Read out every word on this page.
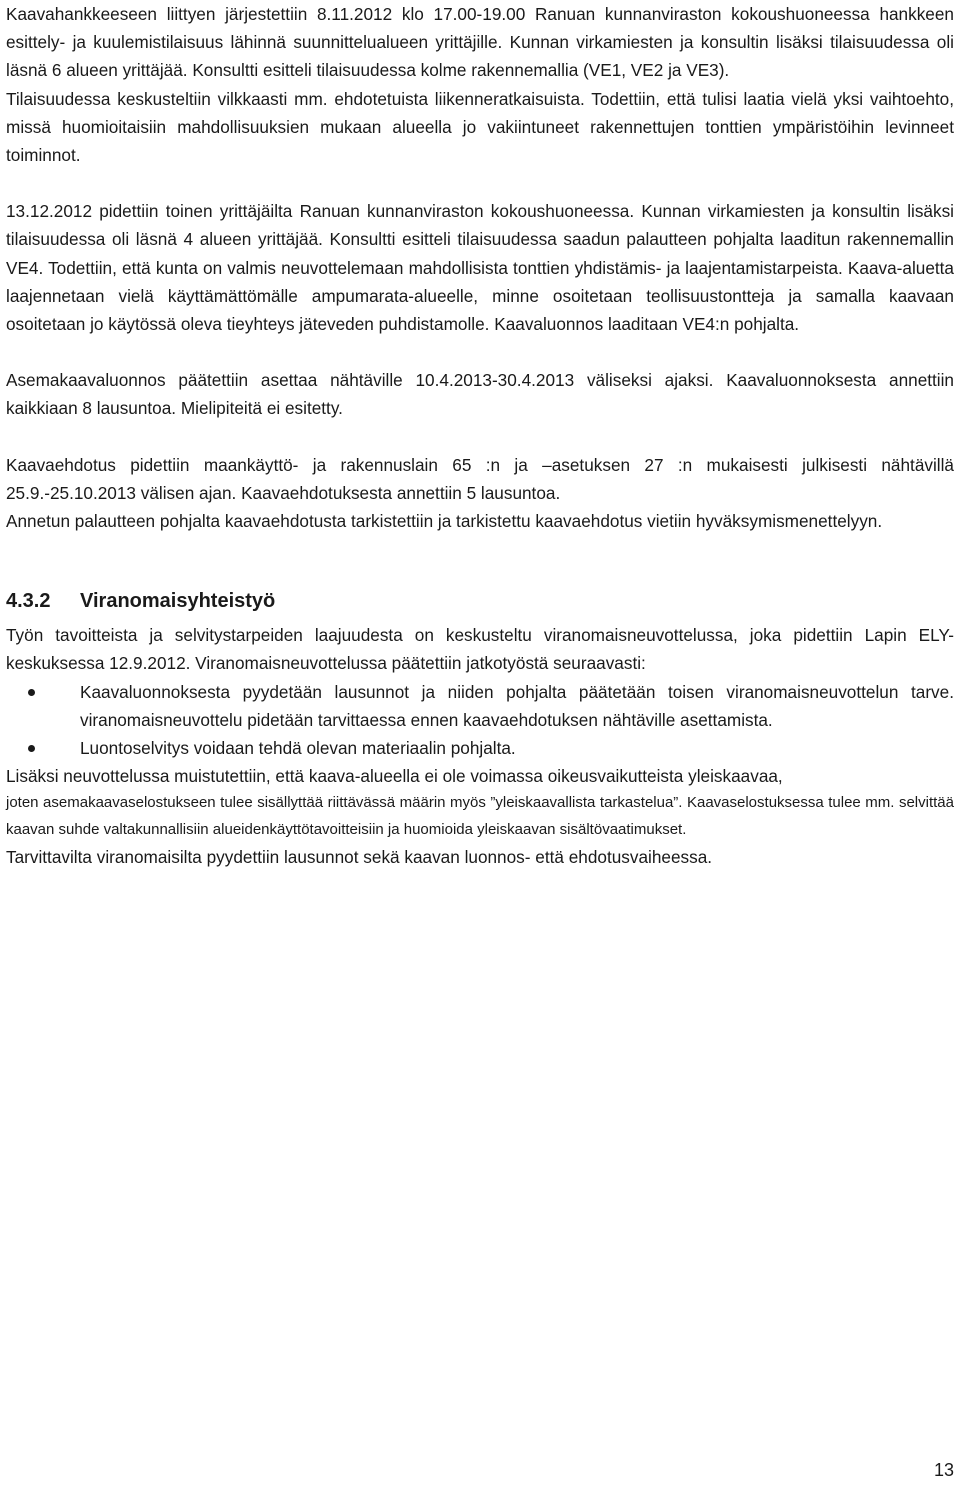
Kaavahankkeeseen liittyen järjestettiin 8.11.2012 klo 17.00-19.00 Ranuan kunnanviraston kokoushuoneessa hankkeen esittely- ja kuulemistilaisuus lähinnä suunnittelualueen yrittäjille. Kunnan virkamiesten ja konsultin lisäksi tilaisuudessa oli läsnä 6 alueen yrittäjää. Konsultti esitteli tilaisuudessa kolme rakennemallia (VE1, VE2 ja VE3).

Tilaisuudessa keskusteltiin vilkkaasti mm. ehdotetuista liikenneratkaisuista. Todettiin, että tulisi laatia vielä yksi vaihtoehto, missä huomioitaisiin mahdollisuuksien mukaan alueella jo vakiintuneet rakennettujen tonttien ympäristöihin levinneet toiminnot.

13.12.2012 pidettiin toinen yrittäjäilta Ranuan kunnanviraston kokoushuoneessa. Kunnan virkamiesten ja konsultin lisäksi tilaisuudessa oli läsnä 4 alueen yrittäjää. Konsultti esitteli tilaisuudessa saadun palautteen pohjalta laaditun rakennemallin VE4. Todettiin, että kunta on valmis neuvottelemaan mahdollisista tonttien yhdistämis- ja laajentamistarpeista. Kaava-aluetta laajennetaan vielä käyttämättömälle ampumarata-alueelle, minne osoitetaan teollisuustontteja ja samalla kaavaan osoitetaan jo käytössä oleva tieyhteys jäteveden puhdistamolle. Kaavaluonnos laaditaan VE4:n pohjalta.

Asemakaavaluonnos päätettiin asettaa nähtäville 10.4.2013-30.4.2013 väliseksi ajaksi. Kaavaluonnoksesta annettiin kaikkiaan 8 lausuntoa. Mielipiteitä ei esitetty.

Kaavaehdotus pidettiin maankäyttö- ja rakennuslain 65 :n ja –asetuksen 27 :n mukaisesti julkisesti nähtävillä 25.9.-25.10.2013 välisen ajan. Kaavaehdotuksesta annettiin 5 lausuntoa.

Annetun palautteen pohjalta kaavaehdotusta tarkistettiin ja tarkistettu kaavaehdotus vietiin hyväksymismenettelyyn.

4.3.2 Viranomaisyhteistyö

Työn tavoitteista ja selvitystarpeiden laajuudesta on keskusteltu viranomaisneuvottelussa, joka pidettiin Lapin ELY-keskuksessa 12.9.2012. Viranomaisneuvottelussa päätettiin jatkotyöstä seuraavasti:

Kaavaluonnoksesta pyydetään lausunnot ja niiden pohjalta päätetään toisen viranomaisneuvottelun tarve. viranomaisneuvottelu pidetään tarvittaessa ennen kaavaehdotuksen nähtäville asettamista.
Luontoselvitys voidaan tehdä olevan materiaalin pohjalta.

Lisäksi neuvottelussa muistutettiin, että kaava-alueella ei ole voimassa oikeusvaikutteista yleiskaavaa,

joten asemakaavaselostukseen tulee sisällyttää riittävässä määrin myös ”yleiskaavallista tarkastelua”. Kaavaselostuksessa tulee mm. selvittää kaavan suhde valtakunnallisiin alueidenkäyttötavoitteisiin ja huomioida yleiskaavan sisältövaatimukset.

Tarvittavilta viranomaisilta pyydettiin lausunnot sekä kaavan luonnos- että ehdotusvaiheessa.

13
